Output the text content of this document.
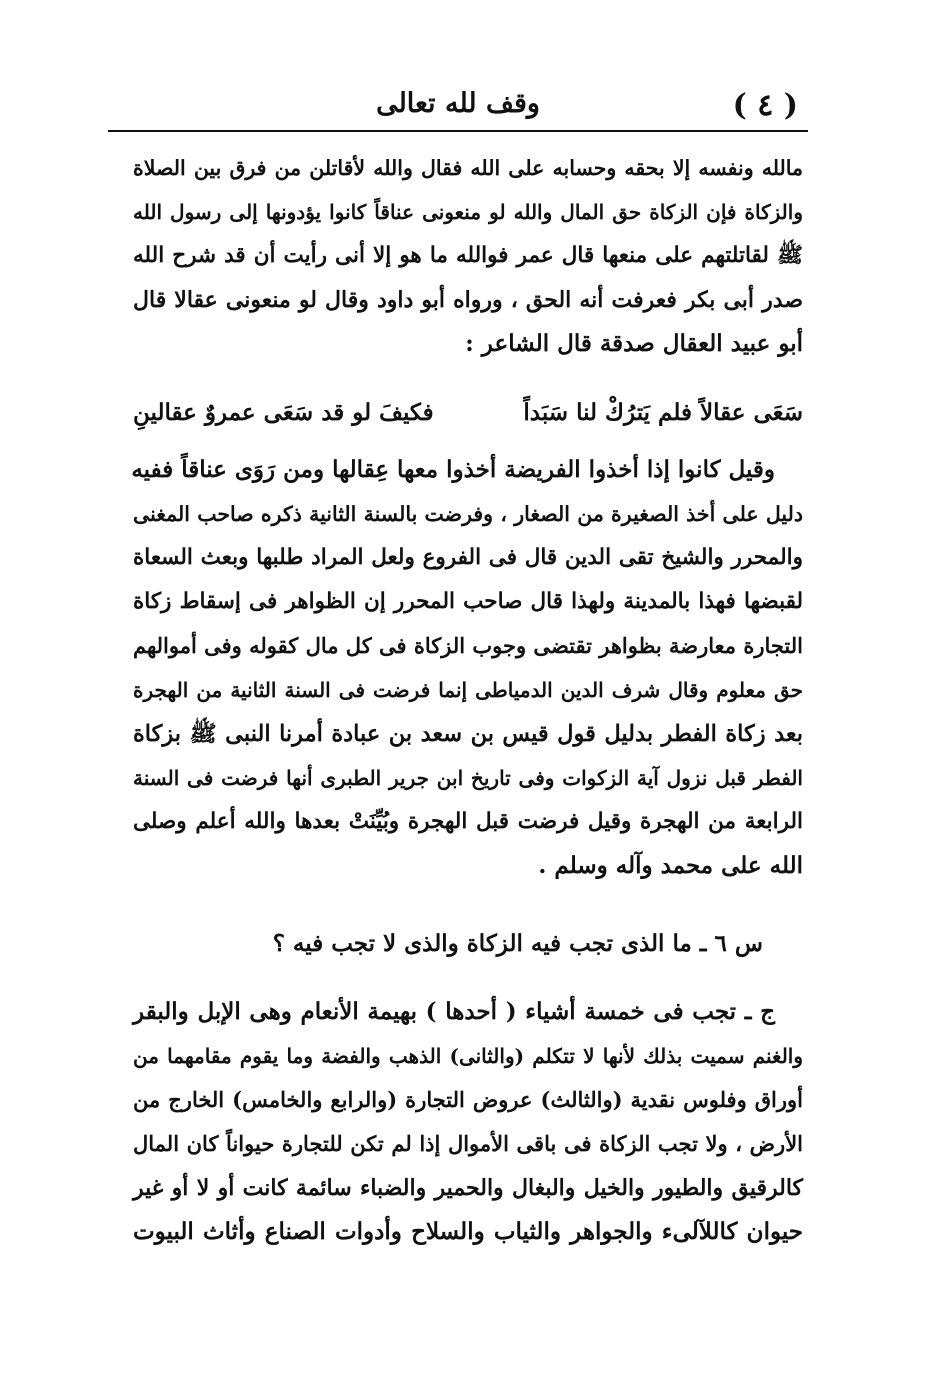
( ٤ )
وقف لله تعالى
مالله ونفسه إلا بحقه وحسابه على الله فقال والله لأقاتلن من فرق بين الصلاة
والزكاة فإن الزكاة حق المال والله لو منعونى عناقاً كانوا يؤدونها إلى رسول الله
ﷺ لقاتلتهم على منعها قال عمر فوالله ما هو إلا أنى رأيت أن قد شرح الله
صدر أبى بكر فعرفت أنه الحق ، ورواه أبو داود وقال لو منعونى عقالا قال
أبو عبيد العقال صدقة قال الشاعر :
سَعَى عقالاً فلم يَترُكْ لنا سَبَداً
فكيفَ لو قد سَعَى عمروٌ عقالينِ
وقيل كانوا إذا أخذوا الفريضة أخذوا معها عِقالها ومن رَوَى عناقاً ففيه
دليل على أخذ الصغيرة من الصغار ، وفرضت بالسنة الثانية ذكره صاحب المغنى
والمحرر والشيخ تقى الدين قال فى الفروع ولعل المراد طلبها وبعث السعاة
لقبضها فهذا بالمدينة ولهذا قال صاحب المحرر إن الظواهر فى إسقاط زكاة
التجارة معارضة بظواهر تقتضى وجوب الزكاة فى كل مال كقوله وفى أموالهم
حق معلوم وقال شرف الدين الدمياطى إنما فرضت فى السنة الثانية من الهجرة
بعد زكاة الفطر بدليل قول قيس بن سعد بن عبادة أمرنا النبى ﷺ بزكاة
الفطر قبل نزول آية الزكوات وفى تاريخ ابن جرير الطبرى أنها فرضت فى السنة
الرابعة من الهجرة وقيل فرضت قبل الهجرة وبُيِّنَتْ بعدها والله أعلم وصلى
الله على محمد وآله وسلم .
س ٦ ـ ما الذى تجب فيه الزكاة والذى لا تجب فيه ؟
ج ـ تجب فى خمسة أشياء ( أحدها ) بهيمة الأنعام وهى الإبل والبقر
والغنم سميت بذلك لأنها لا تتكلم (والثانى) الذهب والفضة وما يقوم مقامهما من
أوراق وفلوس نقدية (والثالث) عروض التجارة (والرابع والخامس) الخارج من
الأرض ، ولا تجب الزكاة فى باقى الأموال إذا لم تكن للتجارة حيواناً كان المال
كالرقيق والطيور والخيل والبغال والحمير والضباء سائمة كانت أو لا أو غير
حيوان كاللآلىء والجواهر والثياب والسلاح وأدوات الصناع وأثاث البيوت
